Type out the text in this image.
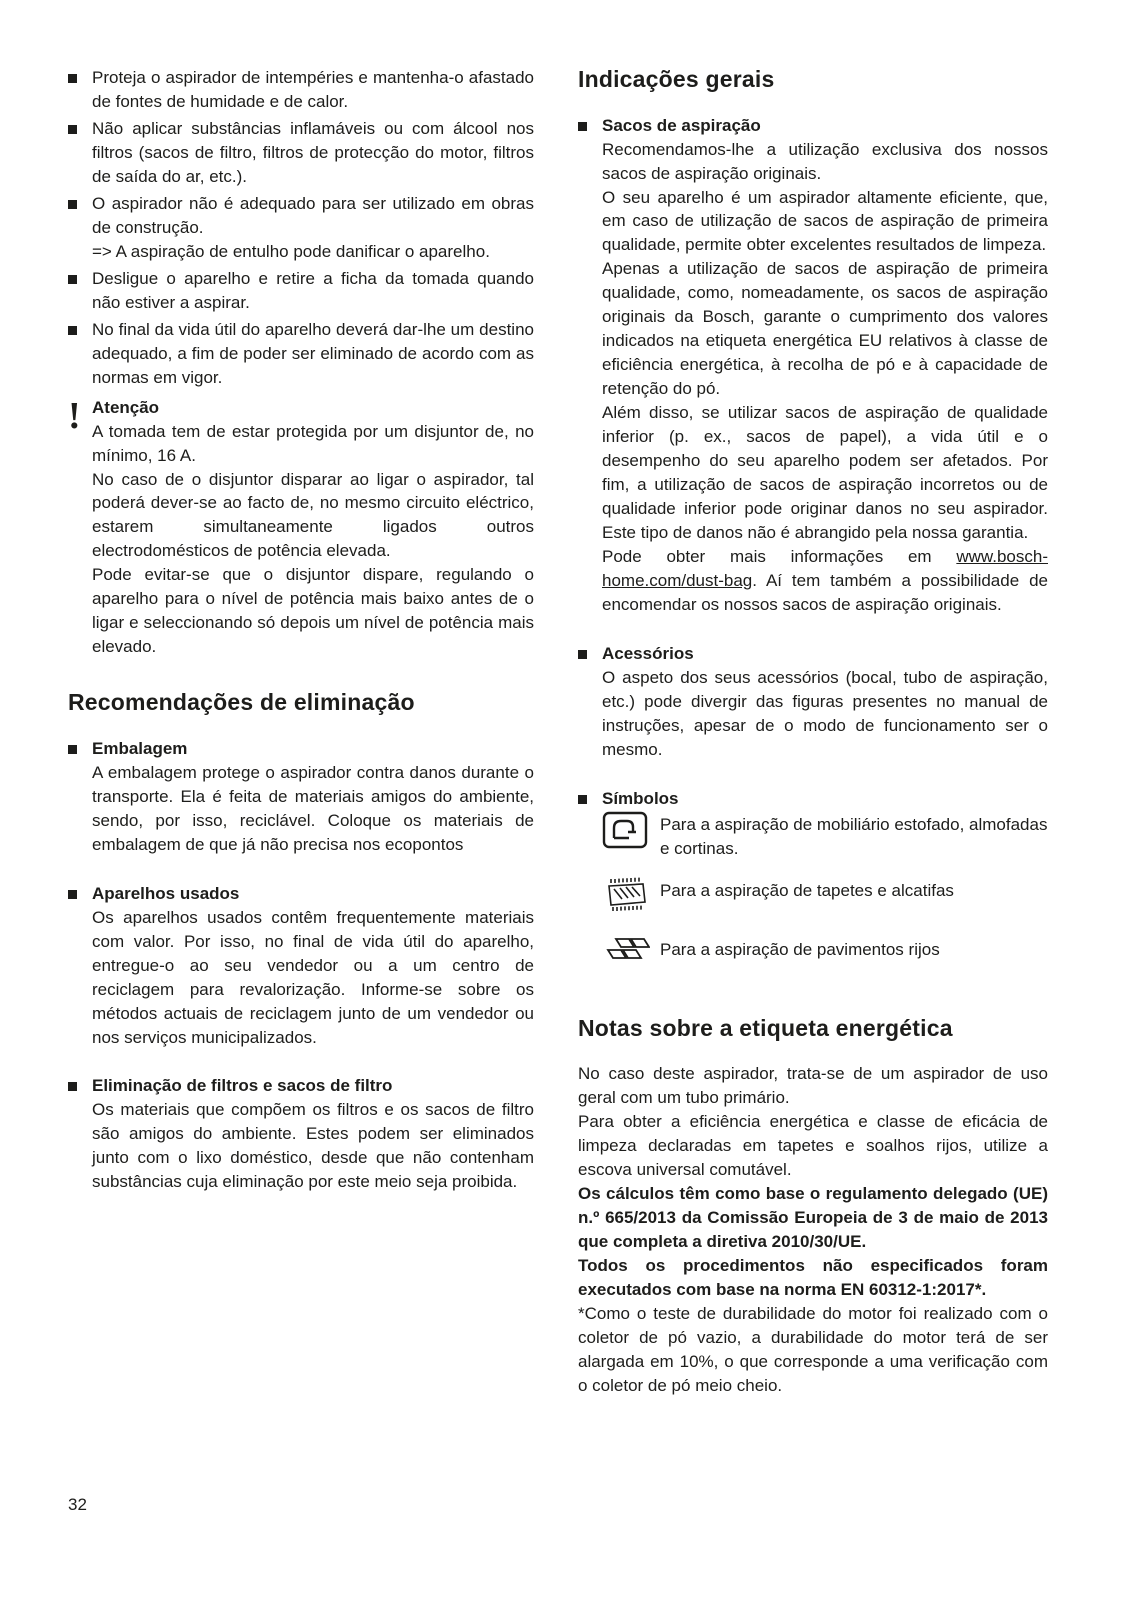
Proteja o aspirador de intempéries e mantenha-o afastado de fontes de humidade e de calor.
Não aplicar substâncias inflamáveis ou com álcool nos filtros (sacos de filtro, filtros de protecção do motor, filtros de saída do ar, etc.).
O aspirador não é adequado para ser utilizado em obras de construção.
=> A aspiração de entulho pode danificar o aparelho.
Desligue o aparelho e retire a ficha da tomada quando não estiver a aspirar.
No final da vida útil do aparelho deverá dar-lhe um destino adequado, a fim de poder ser eliminado de acordo com as normas em vigor.
! Atenção

A tomada tem de estar protegida por um disjuntor de, no mínimo, 16 A.

No caso de o disjuntor disparar ao ligar o aspirador, tal poderá dever-se ao facto de, no mesmo circuito eléctrico, estarem simultaneamente ligados outros electrodomésticos de potência elevada.

Pode evitar-se que o disjuntor dispare, regulando o aparelho para o nível de potência mais baixo antes de o ligar e seleccionando só depois um nível de potência mais elevado.

Recomendações de eliminação
Embalagem
A embalagem protege o aspirador contra danos durante o transporte. Ela é feita de materiais amigos do ambiente, sendo, por isso, reciclável. Coloque os materiais de embalagem de que já não precisa nos ecopontos
Aparelhos usados
Os aparelhos usados contêm frequentemente materiais com valor. Por isso, no final de vida útil do aparelho, entregue-o ao seu vendedor ou a um centro de reciclagem para revalorização. Informe-se sobre os métodos actuais de reciclagem junto de um vendedor ou nos serviços municipalizados.
Eliminação de filtros e sacos de filtro
Os materiais que compõem os filtros e os sacos de filtro são amigos do ambiente. Estes podem ser eliminados junto com o lixo doméstico, desde que não contenham substâncias cuja eliminação por este meio seja proibida.
Indicações gerais
Sacos de aspiração

Recomendamos-lhe a utilização exclusiva dos nossos sacos de aspiração originais.

O seu aparelho é um aspirador altamente eficiente, que, em caso de utilização de sacos de aspiração de primeira qualidade, permite obter excelentes resultados de limpeza.

Apenas a utilização de sacos de aspiração de primeira qualidade, como, nomeadamente, os sacos de aspiração originais da Bosch, garante o cumprimento dos valores indicados na etiqueta energética EU relativos à classe de eficiência energética, à recolha de pó e à capacidade de retenção do pó.

Além disso, se utilizar sacos de aspiração de qualidade inferior (p. ex., sacos de papel), a vida útil e o desempenho do seu aparelho podem ser afetados. Por fim, a utilização de sacos de aspiração incorretos ou de qualidade inferior pode originar danos no seu aspirador. Este tipo de danos não é abrangido pela nossa garantia.

Pode obter mais informações em www.bosch-home.com/dust-bag. Aí tem também a possibilidade de encomendar os nossos sacos de aspiração originais.

Acessórios
O aspeto dos seus acessórios (bocal, tubo de aspiração, etc.) pode divergir das figuras presentes no manual de instruções, apesar de o modo de funcionamento ser o mesmo.
Símbolos
Para a aspiração de mobiliário estofado, almofadas e cortinas.
Para a aspiração de tapetes e alcatifas
Para a aspiração de pavimentos rijos
Notas sobre a etiqueta energética

No caso deste aspirador, trata-se de um aspirador de uso geral com um tubo primário.

Para obter a eficiência energética e classe de eficácia de limpeza declaradas em tapetes e soalhos rijos, utilize a escova universal comutável.

Os cálculos têm como base o regulamento delegado (UE) n.º 665/2013 da Comissão Europeia de 3 de maio de 2013 que completa a diretiva 2010/30/UE.

Todos os procedimentos não especificados foram executados com base na norma EN 60312-1:2017*.

*Como o teste de durabilidade do motor foi realizado com o coletor de pó vazio, a durabilidade do motor terá de ser alargada em 10%, o que corresponde a uma verificação com o coletor de pó meio cheio.

32
